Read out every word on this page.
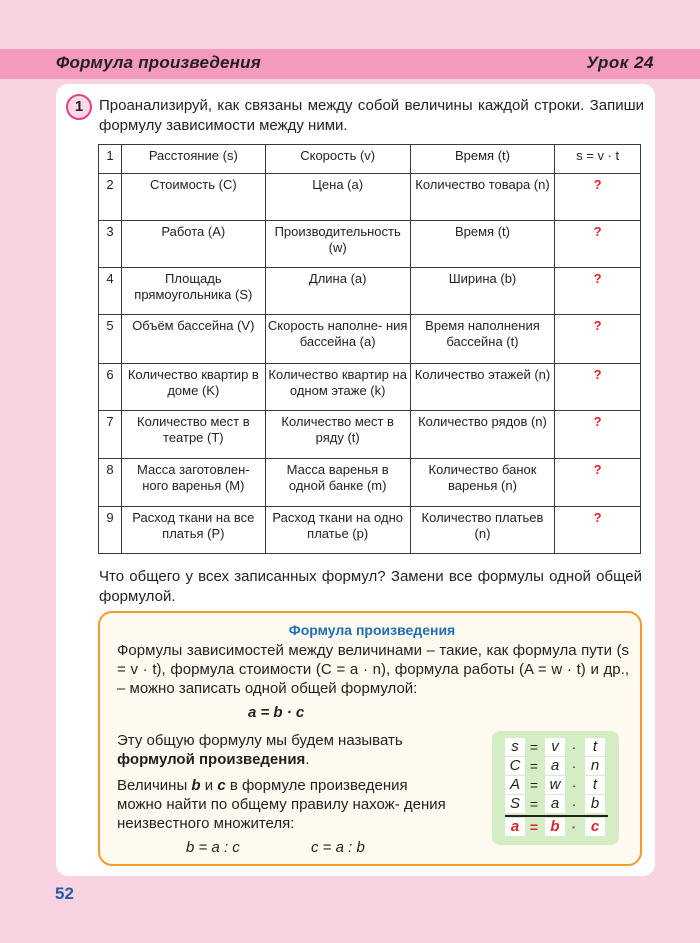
Формула произведения	Урок 24
1	Проанализируй, как связаны между собой величины каждой строки. Запиши формулу зависимости между ними.
1	Расстояние (s)	Скорость (v)	Время (t)	s = v · t
2	Стоимость (C)	Цена (a)	Количество товара (n)	?
3	Работа (A)	Производительность (w)	Время (t)	?
4	Площадь прямоугольника (S)	Длина (a)	Ширина (b)	?
5	Объём бассейна (V)	Скорость наполне- ния бассейна (a)	Время наполнения бассейна (t)	?
6	Количество квартир в доме (K)	Количество квартир на одном этаже (k)	Количество этажей (n)	?
7	Количество мест в театре (T)	Количество мест в ряду (t)	Количество рядов (n)	?
8	Масса заготовлен- ного варенья (M)	Масса варенья в одной банке (m)	Количество банок варенья (n)	?
9	Расход ткани на все платья (P)	Расход ткани на одно платье (p)	Количество платьев (n)	?
Что общего у всех записанных формул? Замени все формулы одной общей формулой.
Формула произведения
Формулы зависимостей между величинами – такие, как формула пути (s = v · t), формула стоимости (C = a · n), формула работы (A = w · t) и др., – можно записать одной общей формулой:
a = b · c
Эту общую формулу мы будем называть формулой произведения.
Величины b и c в формуле произведения можно найти по общему правилу нахож- дения неизвестного множителя:
b = a : c	c = a : b
s = v ·	t
C = a · n
A = w ·	t
S = a · b
a = b · c
52
